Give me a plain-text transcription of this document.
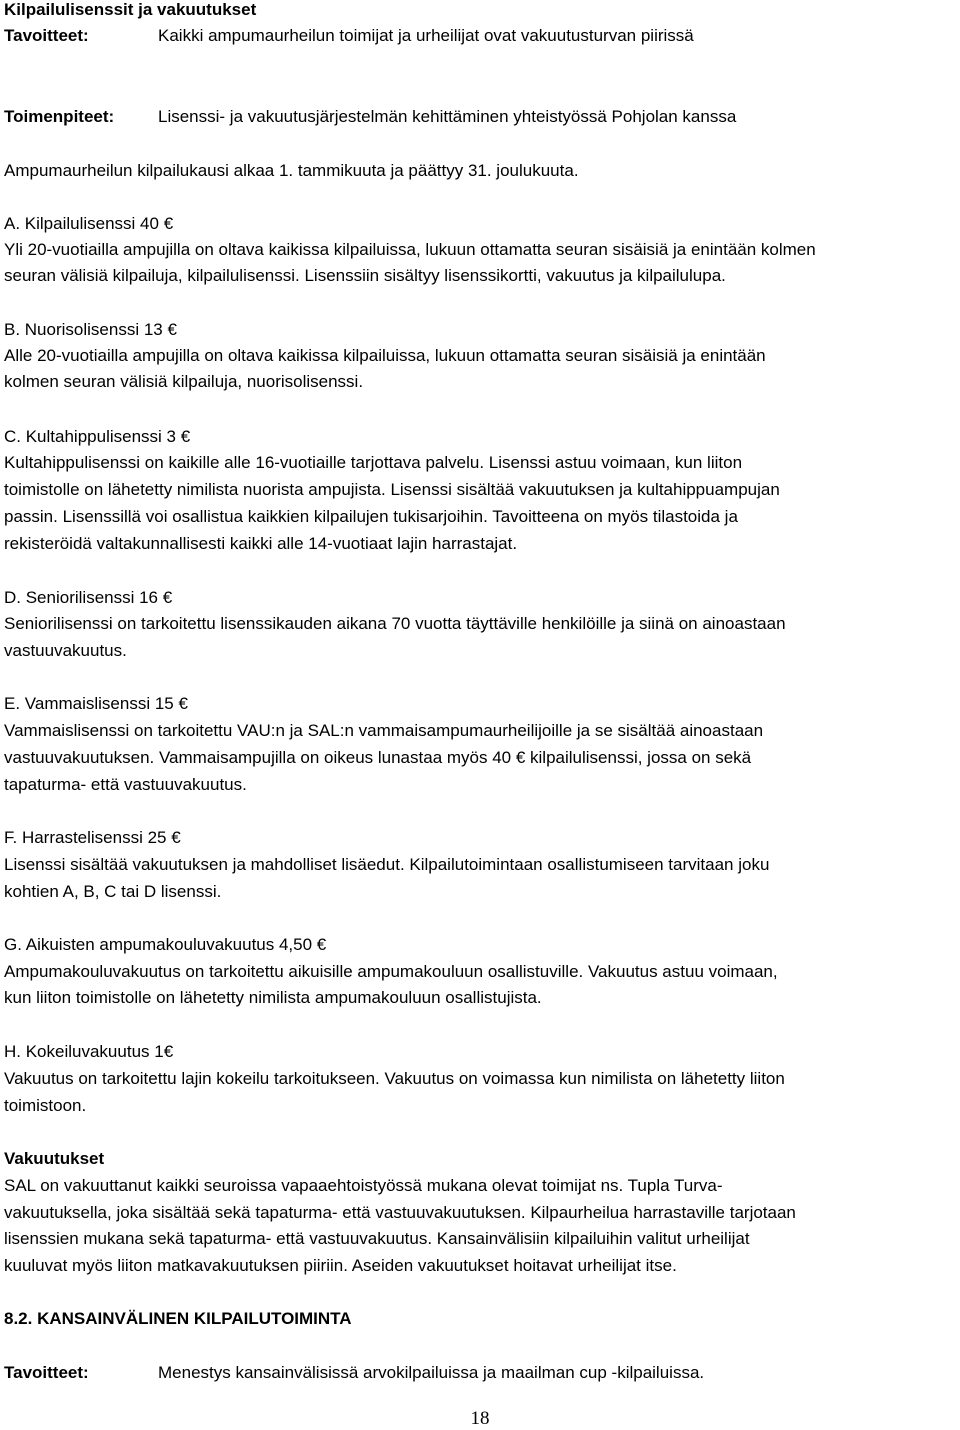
Kilpailulisenssit ja vakuutukset
Tavoitteet:	Kaikki ampumaurheilun toimijat ja urheilijat ovat vakuutusturvan piirissä
Toimenpiteet:	Lisenssi- ja vakuutusjärjestelmän kehittäminen yhteistyössä Pohjolan kanssa
Ampumaurheilun kilpailukausi alkaa 1. tammikuuta ja päättyy 31. joulukuuta.
A. Kilpailulisenssi 40 €
Yli 20-vuotiailla ampujilla on oltava kaikissa kilpailuissa, lukuun ottamatta seuran sisäisiä ja enintään kolmen
seuran välisiä kilpailuja, kilpailulisenssi. Lisenssiin sisältyy lisenssikortti, vakuutus ja kilpailulupa.
B. Nuorisolisenssi 13 €
Alle 20-vuotiailla ampujilla on oltava kaikissa kilpailuissa, lukuun ottamatta seuran sisäisiä ja enintään
kolmen seuran välisiä kilpailuja, nuorisolisenssi.
C. Kultahippulisenssi 3 €
Kultahippulisenssi on kaikille alle 16-vuotiaille tarjottava palvelu. Lisenssi astuu voimaan, kun liiton
toimistolle on lähetetty nimilista nuorista ampujista. Lisenssi sisältää vakuutuksen ja kultahippuampujan
passin. Lisenssillä voi osallistua kaikkien kilpailujen tukisarjoihin. Tavoitteena on myös tilastoida ja
rekisteröidä valtakunnallisesti kaikki alle 14-vuotiaat lajin harrastajat.
D. Seniorilisenssi 16 €
Seniorilisenssi on tarkoitettu lisenssikauden aikana 70 vuotta täyttäville henkilöille ja siinä on ainoastaan
vastuuvakuutus.
E. Vammaislisenssi 15 €
Vammaislisenssi on tarkoitettu VAU:n ja SAL:n vammaisampumaurheilijoille ja se sisältää ainoastaan
vastuuvakuutuksen. Vammaisampujilla on oikeus lunastaa myös 40 € kilpailulisenssi, jossa on sekä
tapaturma- että vastuuvakuutus.
F. Harrastelisenssi 25 €
Lisenssi sisältää vakuutuksen ja mahdolliset lisäedut. Kilpailutoimintaan osallistumiseen tarvitaan joku
kohtien A, B, C tai D lisenssi.
G. Aikuisten ampumakouluvakuutus 4,50 €
Ampumakouluvakuutus on tarkoitettu aikuisille ampumakouluun osallistuville. Vakuutus astuu voimaan,
kun liiton toimistolle on lähetetty nimilista ampumakouluun osallistujista.
H. Kokeiluvakuutus 1€
Vakuutus on tarkoitettu lajin kokeilu tarkoitukseen. Vakuutus on voimassa kun nimilista on lähetetty liiton
toimistoon.
Vakuutukset
SAL on vakuuttanut kaikki seuroissa vapaaehtoistyössä mukana olevat toimijat ns. Tupla Turva-
vakuutuksella, joka sisältää sekä tapaturma- että vastuuvakuutuksen. Kilpaurheilua harrastaville tarjotaan
lisenssien mukana sekä tapaturma- että vastuuvakuutus. Kansainvälisiin kilpailuihin valitut urheilijat
kuuluvat myös liiton matkavakuutuksen piiriin. Aseiden vakuutukset hoitavat urheilijat itse.
8.2. KANSAINVÄLINEN KILPAILUTOIMINTA
Tavoitteet:	Menestys kansainvälisissä arvokilpailuissa ja maailman cup -kilpailuissa.
18
